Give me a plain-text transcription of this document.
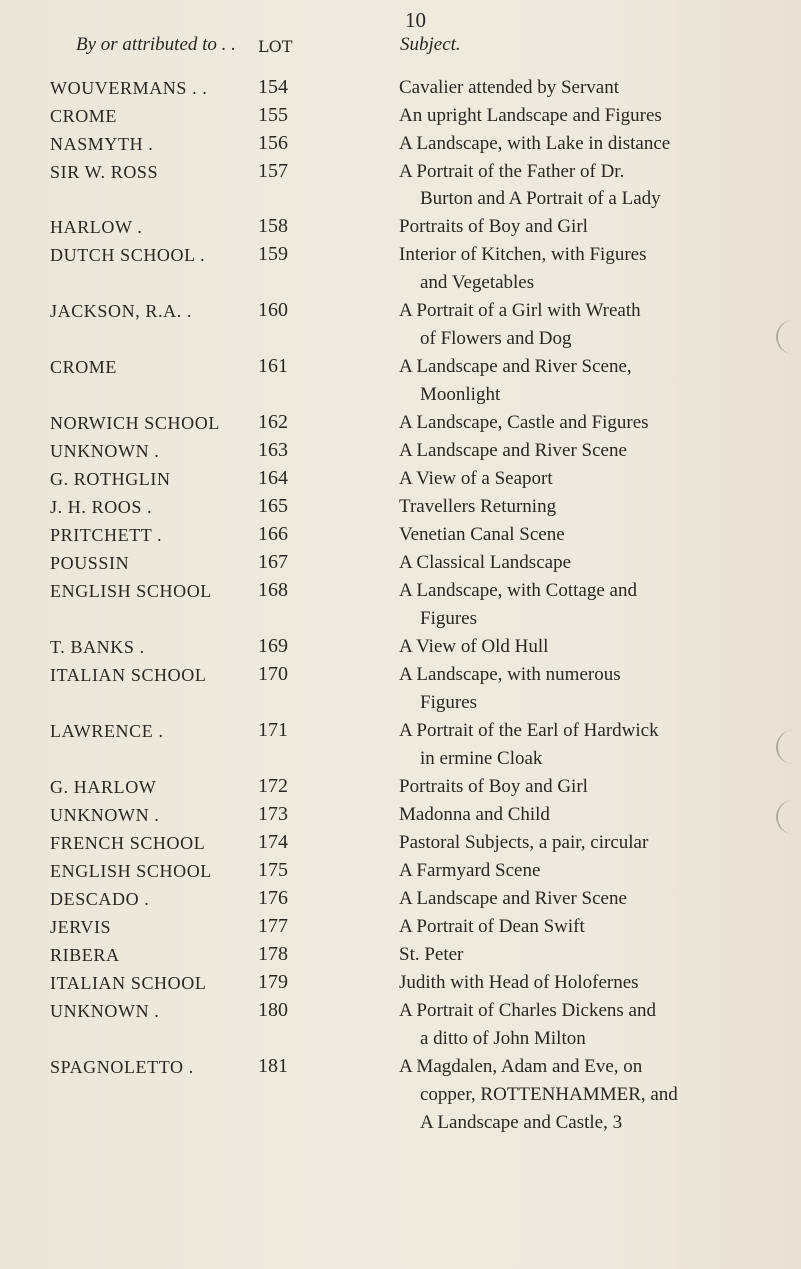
10
By or attributed to . . LOT	Subject.
WOUVERMANS . .
CROME
NASMYTH .
SIR W. ROSS
HARLOW .
DUTCH SCHOOL .
JACKSON, R.A. .
CROME
NORWICH SCHOOL
UNKNOWN .
G. ROTHGLIN
J. H. ROOS .
PRITCHETT .
POUSSIN
ENGLISH SCHOOL
T. BANKS .
ITALIAN SCHOOL
LAWRENCE .
G. HARLOW
UNKNOWN .
FRENCH SCHOOL
ENGLISH SCHOOL
DESCADO .
JERVIS
RIBERA
ITALIAN SCHOOL
UNKNOWN .
SPAGNOLETTO .
154
155
156
157
158
159
160
161
162
163
164
165
166
167
168
169
170
171
172
173
174
175
176
177
178
179
180
181
Cavalier attended by Servant
An upright Landscape and Figures
A Landscape, with Lake in distance
A Portrait of the Father of Dr.
Burton and A Portrait of a Lady
Portraits of Boy and Girl
Interior of Kitchen, with Figures
and Vegetables
A Portrait of a Girl with Wreath
of Flowers and Dog
A Landscape and River Scene,
Moonlight
A Landscape, Castle and Figures
A Landscape and River Scene
A View of a Seaport
Travellers Returning
Venetian Canal Scene
A Classical Landscape
A Landscape, with Cottage and
Figures
A View of Old Hull
A Landscape, with numerous
Figures
A Portrait of the Earl of Hardwick
in ermine Cloak
Portraits of Boy and Girl
Madonna and Child
Pastoral Subjects, a pair, circular
A Farmyard Scene
A Landscape and River Scene
A Portrait of Dean Swift
St. Peter
Judith with Head of Holofernes
A Portrait of Charles Dickens and
a ditto of John Milton
A Magdalen, Adam and Eve, on
copper, ROTTENHAMMER, and
A Landscape and Castle, 3
